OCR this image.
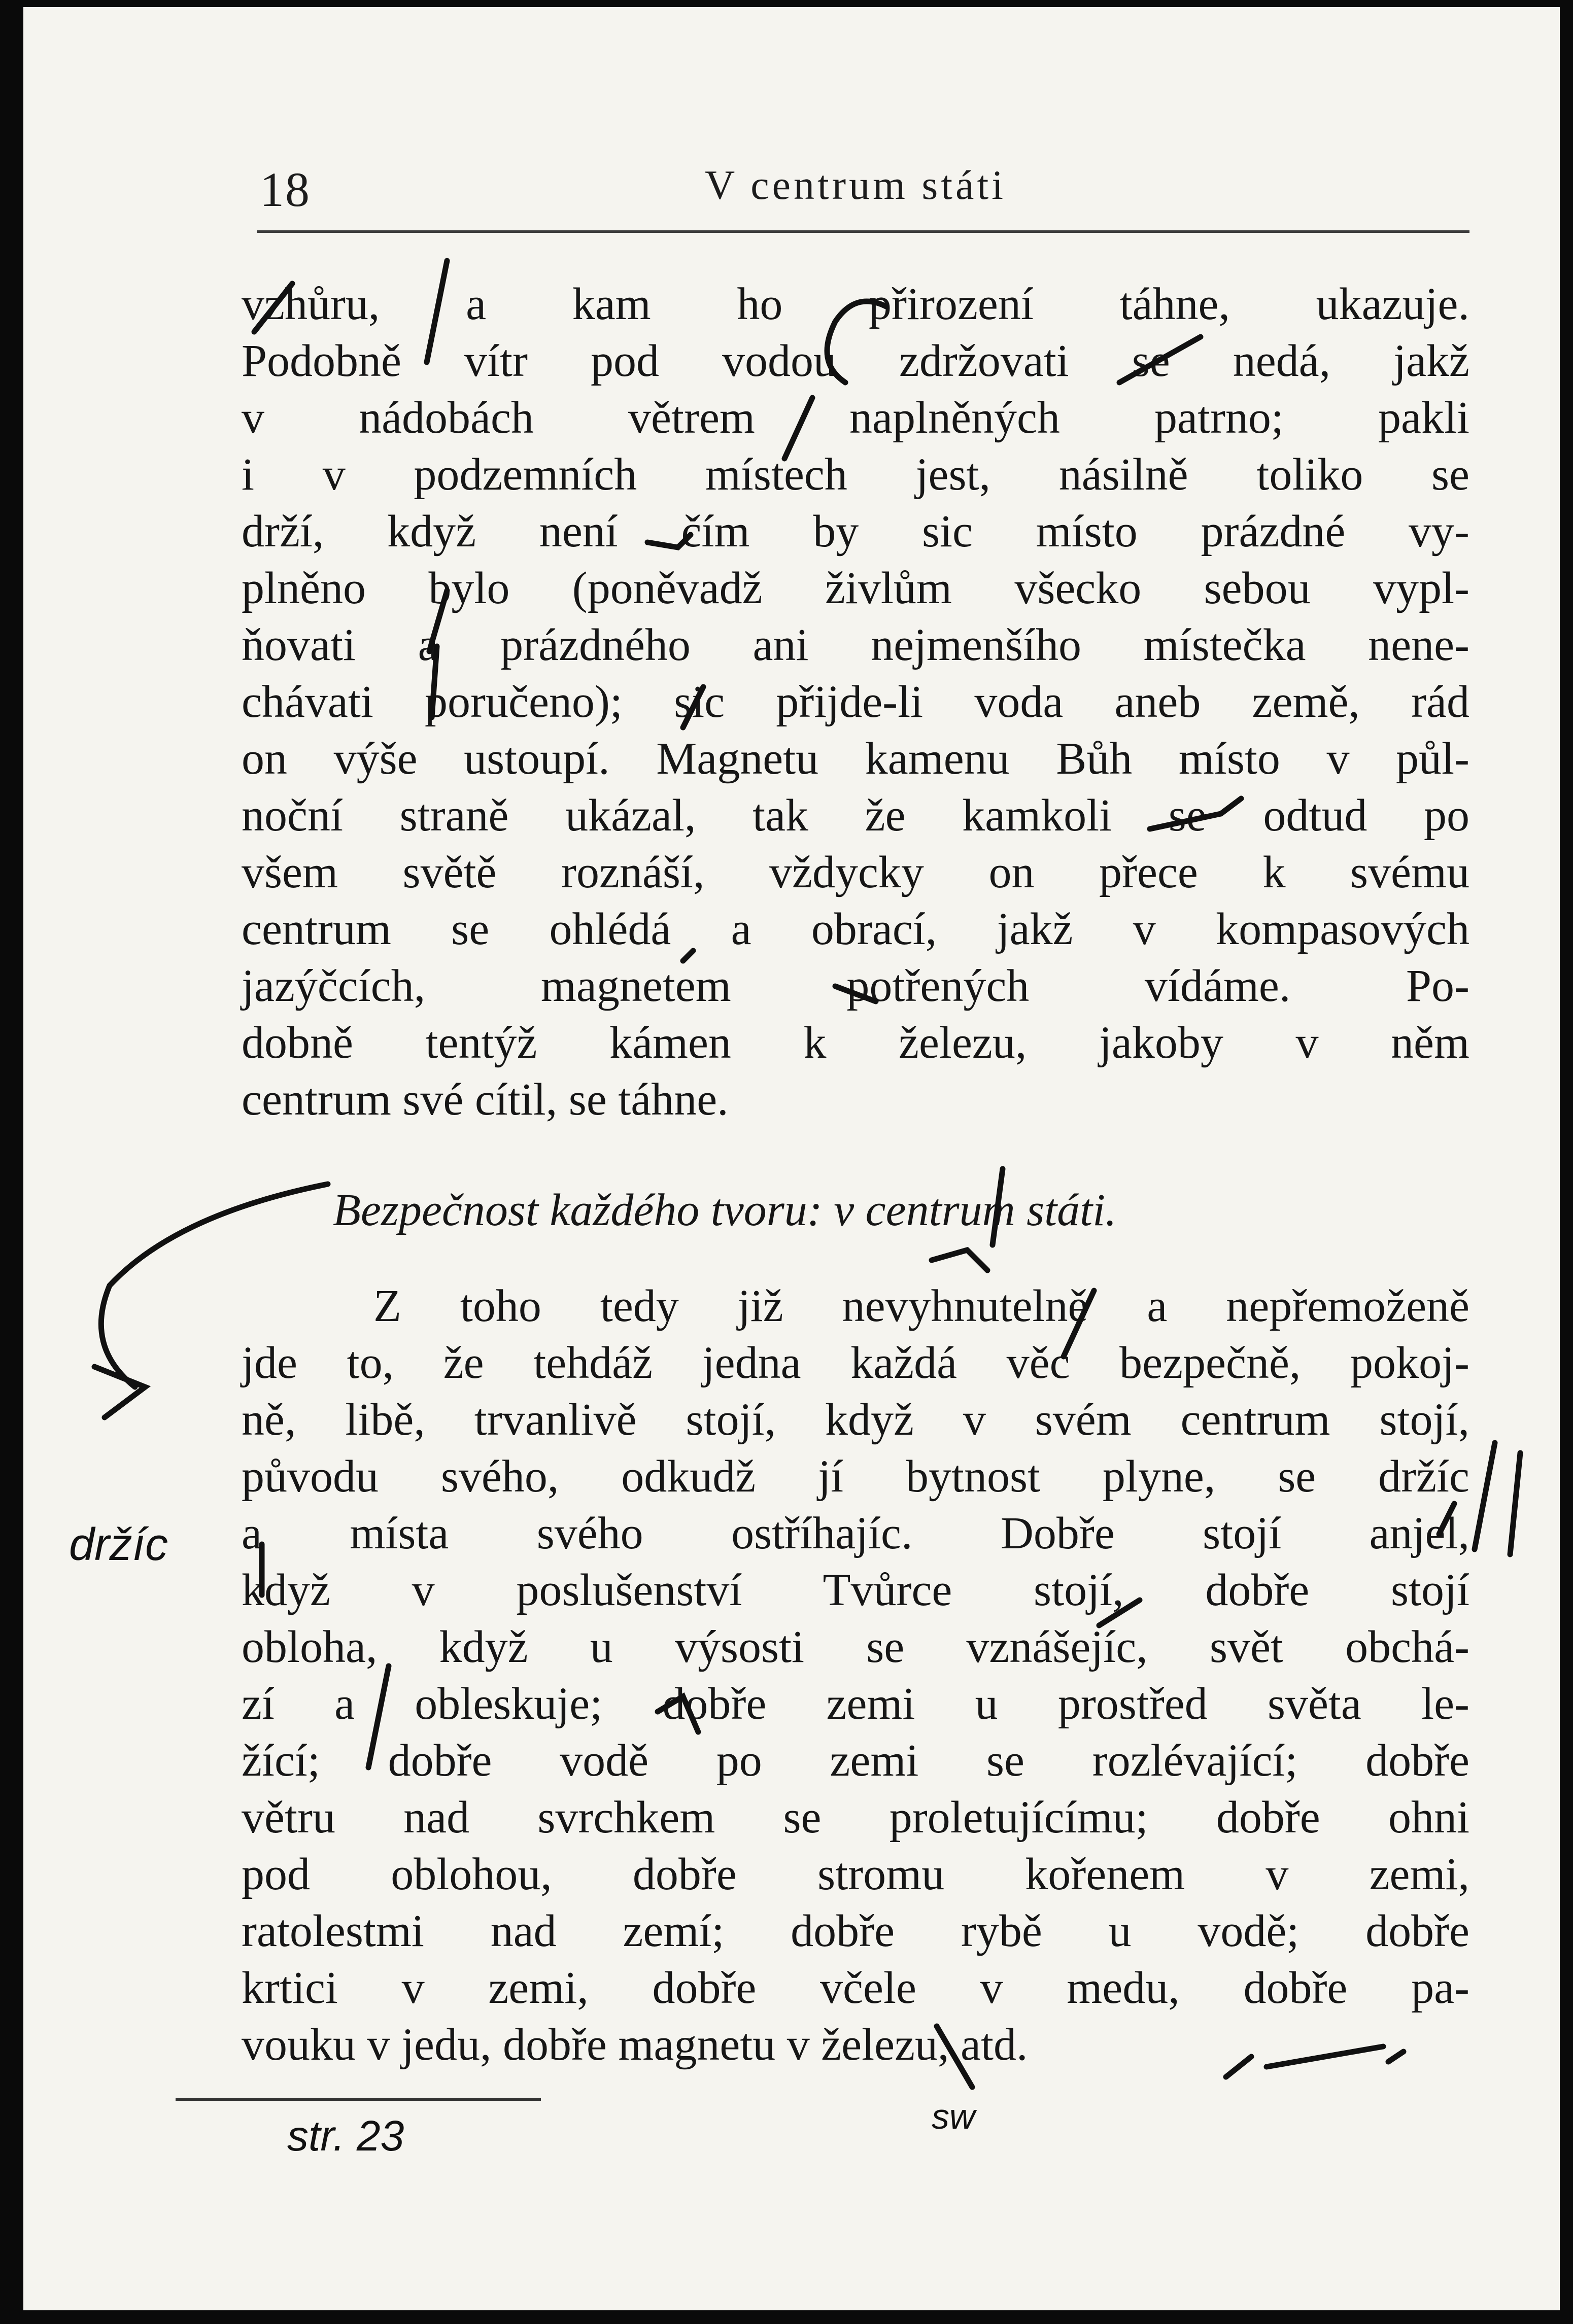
18	V centrum státi
vzhůru, a kam ho přirození táhne, ukazuje.
Podobně vítr pod vodou zdržovati se nedá, jakž
v nádobách větrem naplněných patrno; pakli
i v podzemních místech jest, násilně toliko se
drží, když není čím by sic místo prázdné vy-
plněno bylo (poněvadž živlům všecko sebou vypl-
ňovati a prázdného ani nejmenšího místečka nene-
chávati poručeno); sic přijde-li voda aneb země, rád
on výše ustoupí. Magnetu kamenu Bůh místo v půl-
noční straně ukázal, tak že kamkoli se odtud po
všem světě roznáší, vždycky on přece k svému
centrum se ohlédá a obrací, jakž v kompasových
jazýčcích, magnetem potřených vídáme. Po-
dobně tentýž kámen k železu, jakoby v něm
centrum své cítil, se táhne.
Bezpečnost každého tvoru: v centrum státi.
Z toho tedy již nevyhnutelně a nepřemoženě
jde to, že tehdáž jedna každá věc bezpečně, pokoj-
ně, libě, trvanlivě stojí, když v svém centrum stojí,
původu svého, odkudž jí bytnost plyne, se držíc
a místa svého ostříhajíc. Dobře stojí anjel,
když v poslušenství Tvůrce stojí, dobře stojí
obloha, když u výsosti se vznášejíc, svět obchá-
zí a obleskuje; dobře zemi u prostřed světa le-
žící; dobře vodě po zemi se rozlévající; dobře
větru nad svrchkem se proletujícímu; dobře ohni
pod oblohou, dobře stromu kořenem v zemi,
ratolestmi nad zemí; dobře rybě u vodě; dobře
krtici v zemi, dobře včele v medu, dobře pa-
vouku v jedu, dobře magnetu v železu, atd.
str. 23	sw
držíc
